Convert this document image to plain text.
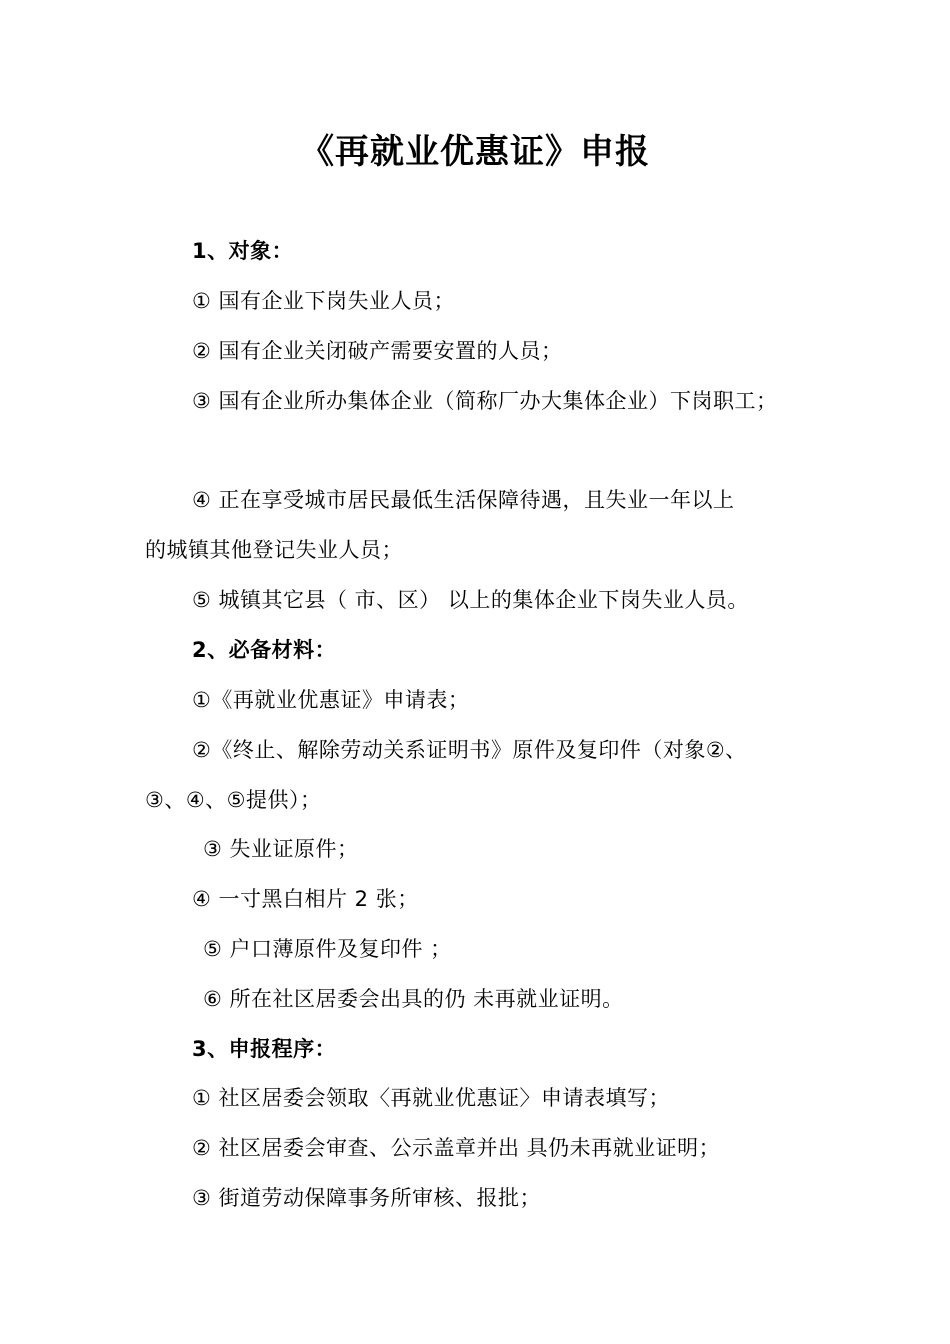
《再就业优惠证》申报
1、对象：
① 国有企业下岗失业人员；
② 国有企业关闭破产需要安置的人员；
③ 国有企业所办集体企业（简称厂办大集体企业）下岗职工；
④ 正在享受城市居民最低生活保障待遇，且失业一年以上
的城镇其他登记失业人员；
⑤ 城镇其它县（ 市、区） 以上的集体企业下岗失业人员。
2、必备材料：
①《再就业优惠证》申请表；
②《终止、解除劳动关系证明书》原件及复印件（对象②、
③、④、⑤提供）；
③ 失业证原件；
④ 一寸黑白相片 2 张；
⑤ 户口薄原件及复印件 ；
⑥ 所在社区居委会出具的仍 未再就业证明。
3、申报程序：
① 社区居委会领取〈再就业优惠证〉申请表填写；
② 社区居委会审查、公示盖章并出 具仍未再就业证明；
③ 街道劳动保障事务所审核、报批；
